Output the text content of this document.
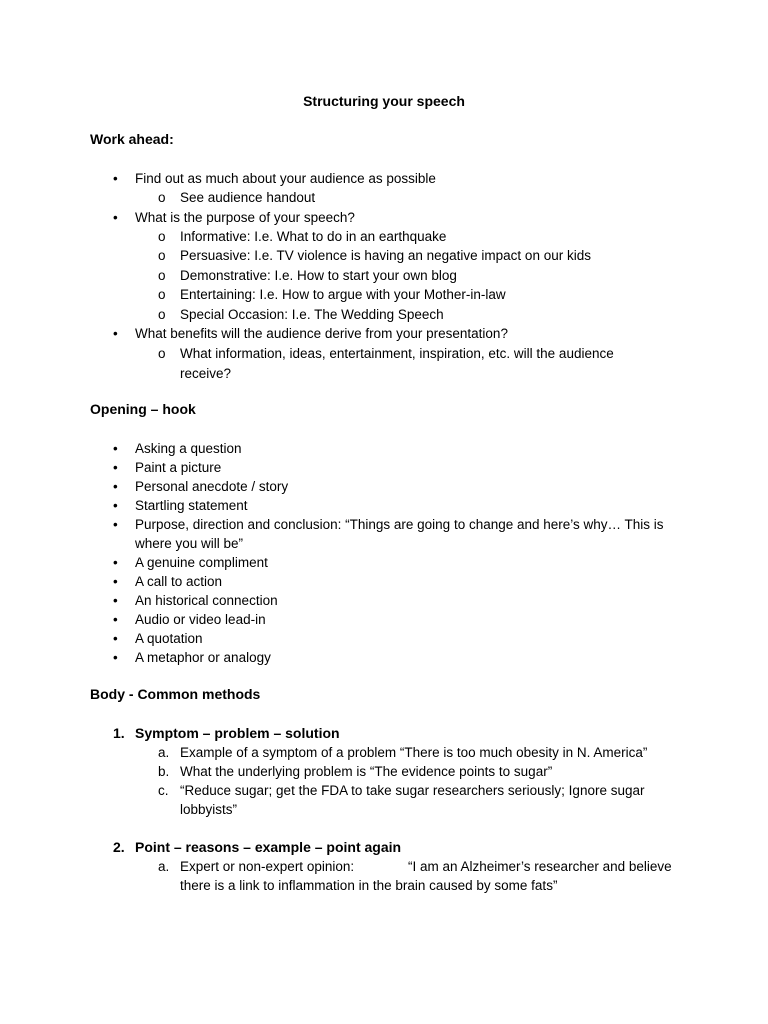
Structuring your speech
Work ahead:
• Find out as much about your audience as possible
o See audience handout
• What is the purpose of your speech?
o Informative: I.e. What to do in an earthquake
o Persuasive: I.e. TV violence is having an negative impact on our kids
o Demonstrative: I.e. How to start your own blog
o Entertaining: I.e. How to argue with your Mother-in-law
o Special Occasion: I.e. The Wedding Speech
• What benefits will the audience derive from your presentation?
o What information, ideas, entertainment, inspiration, etc. will the audience
receive?
Opening – hook
• Asking a question
• Paint a picture
• Personal anecdote / story
• Startling statement
• Purpose, direction and conclusion: “Things are going to change and here’s why… This is
where you will be”
• A genuine compliment
• A call to action
• An historical connection
• Audio or video lead-in
• A quotation
• A metaphor or analogy
Body - Common methods
1. Symptom – problem – solution
a. Example of a symptom of a problem “There is too much obesity in N. America”
b. What the underlying problem is “The evidence points to sugar”
c. “Reduce sugar; get the FDA to take sugar researchers seriously; Ignore sugar
lobbyists”
2. Point – reasons – example – point again
a. Expert or non-expert opinion:	“I am an Alzheimer’s researcher and believe
there is a link to inflammation in the brain caused by some fats”
